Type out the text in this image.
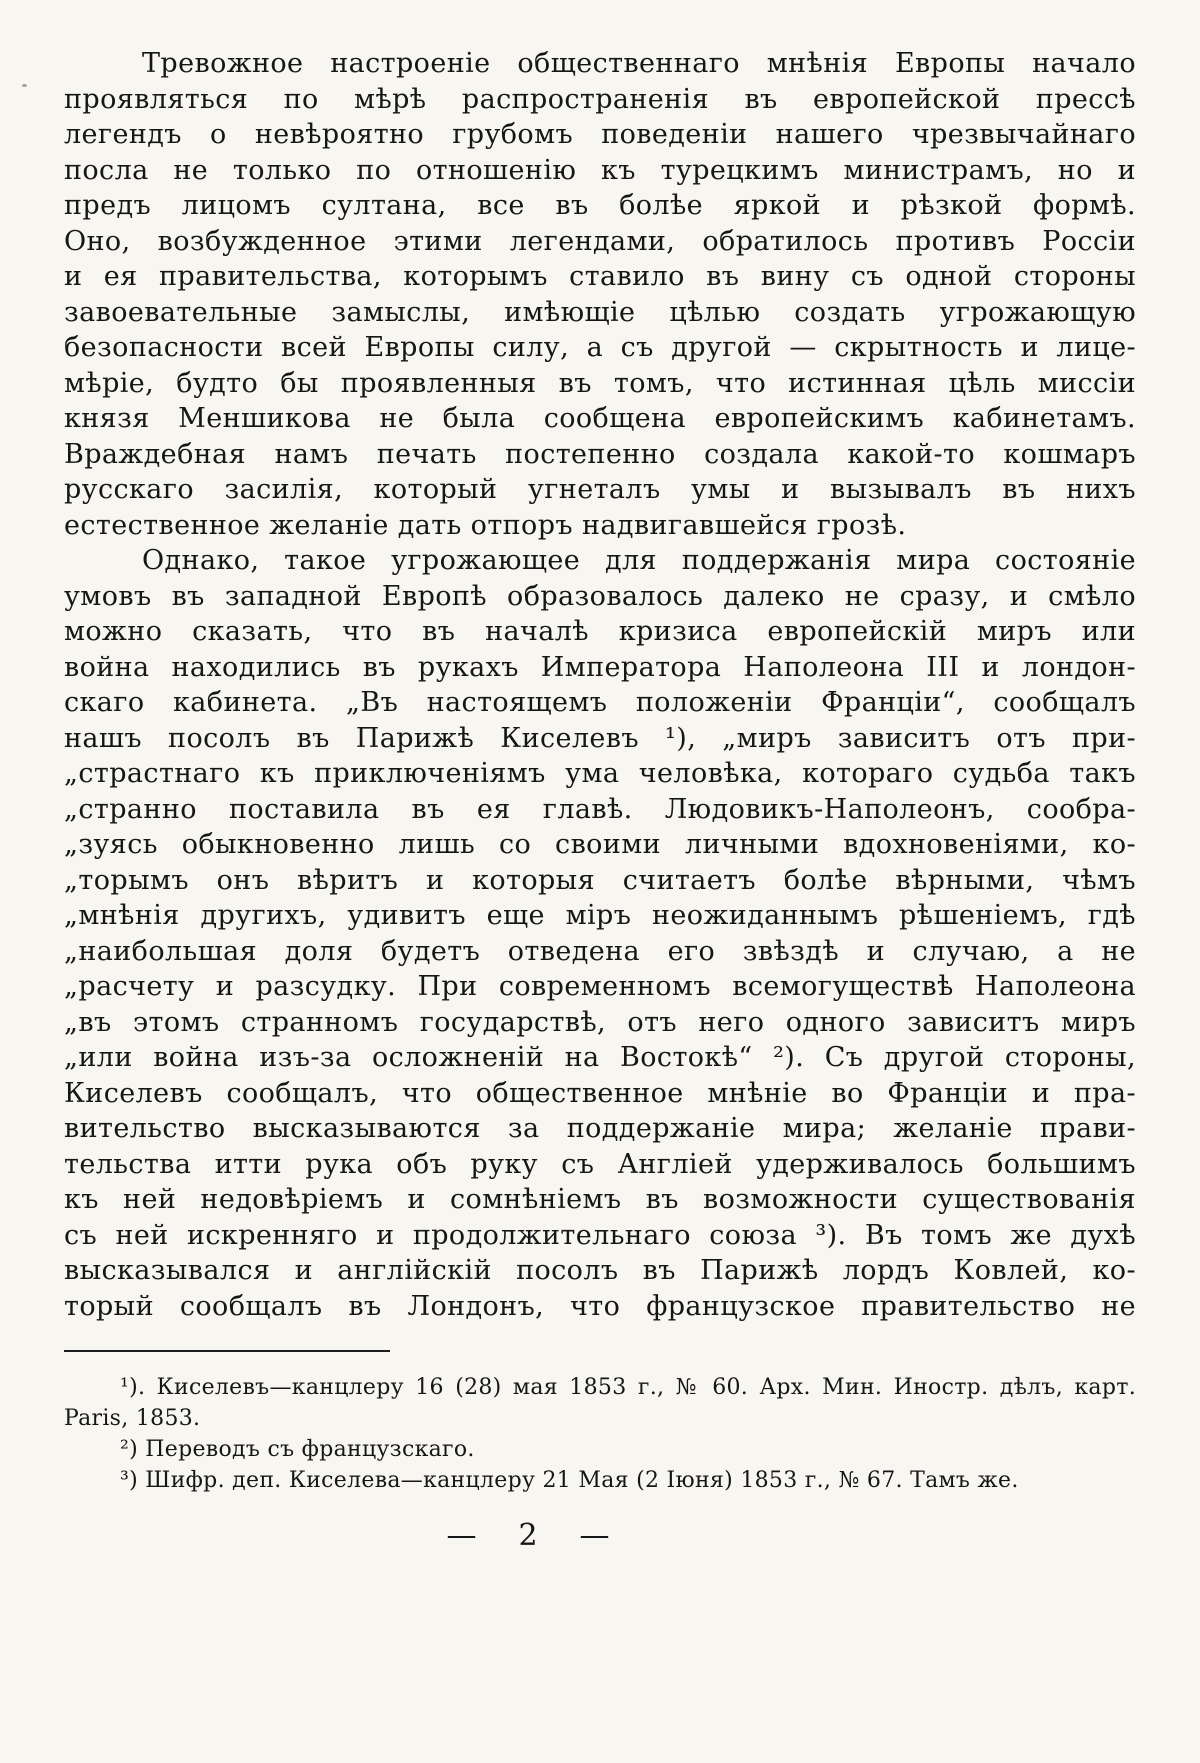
Тревожное настроеніе общественнаго мнѣнія Европы начало
проявляться по мѣрѣ распространенія въ европейской прессѣ
легендъ о невѣроятно грубомъ поведеніи нашего чрезвычайнаго
посла не только по отношенію къ турецкимъ министрамъ, но и
предъ лицомъ султана, все въ болѣе яркой и рѣзкой формѣ.
Оно, возбужденное этими легендами, обратилось противъ Россіи
и ея правительства, которымъ ставило въ вину съ одной стороны
завоевательные замыслы, имѣющіе цѣлью создать угрожающую
безопасности всей Европы силу, а съ другой — скрытность и лице-
мѣріе, будто бы проявленныя въ томъ, что истинная цѣль миссіи
князя Меншикова не была сообщена европейскимъ кабинетамъ.
Враждебная намъ печать постепенно создала какой-то кошмаръ
русскаго засилія, который угнеталъ умы и вызывалъ въ нихъ
естественное желаніе дать отпоръ надвигавшейся грозѣ.
Однако, такое угрожающее для поддержанія мира состояніе
умовъ въ западной Европѣ образовалось далеко не сразу, и смѣло
можно сказать, что въ началѣ кризиса европейскій миръ или
война находились въ рукахъ Императора Наполеона III и лондон-
скаго кабинета. „Въ настоящемъ положеніи Франціи“, сообщалъ
нашъ посолъ въ Парижѣ Киселевъ ¹), „миръ зависитъ отъ при-
„страстнаго къ приключеніямъ ума человѣка, котораго судьба такъ
„странно поставила въ ея главѣ. Людовикъ-Наполеонъ, сообра-
„зуясь обыкновенно лишь со своими личными вдохновеніями, ко-
„торымъ онъ вѣритъ и которыя считаетъ болѣе вѣрными, чѣмъ
„мнѣнія другихъ, удивитъ еще міръ неожиданнымъ рѣшеніемъ, гдѣ
„наибольшая доля будетъ отведена его звѣздѣ и случаю, а не
„расчету и разсудку. При современномъ всемогуществѣ Наполеона
„въ этомъ странномъ государствѣ, отъ него одного зависитъ миръ
„или война изъ-за осложненій на Востокѣ“ ²). Съ другой стороны,
Киселевъ сообщалъ, что общественное мнѣніе во Франціи и пра-
вительство высказываются за поддержаніе мира; желаніе прави-
тельства итти рука объ руку съ Англіей удерживалось большимъ
къ ней недовѣріемъ и сомнѣніемъ въ возможности существованія
съ ней искренняго и продолжительнаго союза ³). Въ томъ же духѣ
высказывался и англійскій посолъ въ Парижѣ лордъ Ковлей, ко-
торый сообщалъ въ Лондонъ, что французское правительство не
¹). Киселевъ—канцлеру 16 (28) мая 1853 г., № 60. Арх. Мин. Иностр. дѣлъ, карт.
Paris, 1853.
²) Переводъ съ французскаго.
³) Шифр. деп. Киселева—канцлеру 21 Мая (2 Іюня) 1853 г., № 67. Тамъ же.
— 2 —
